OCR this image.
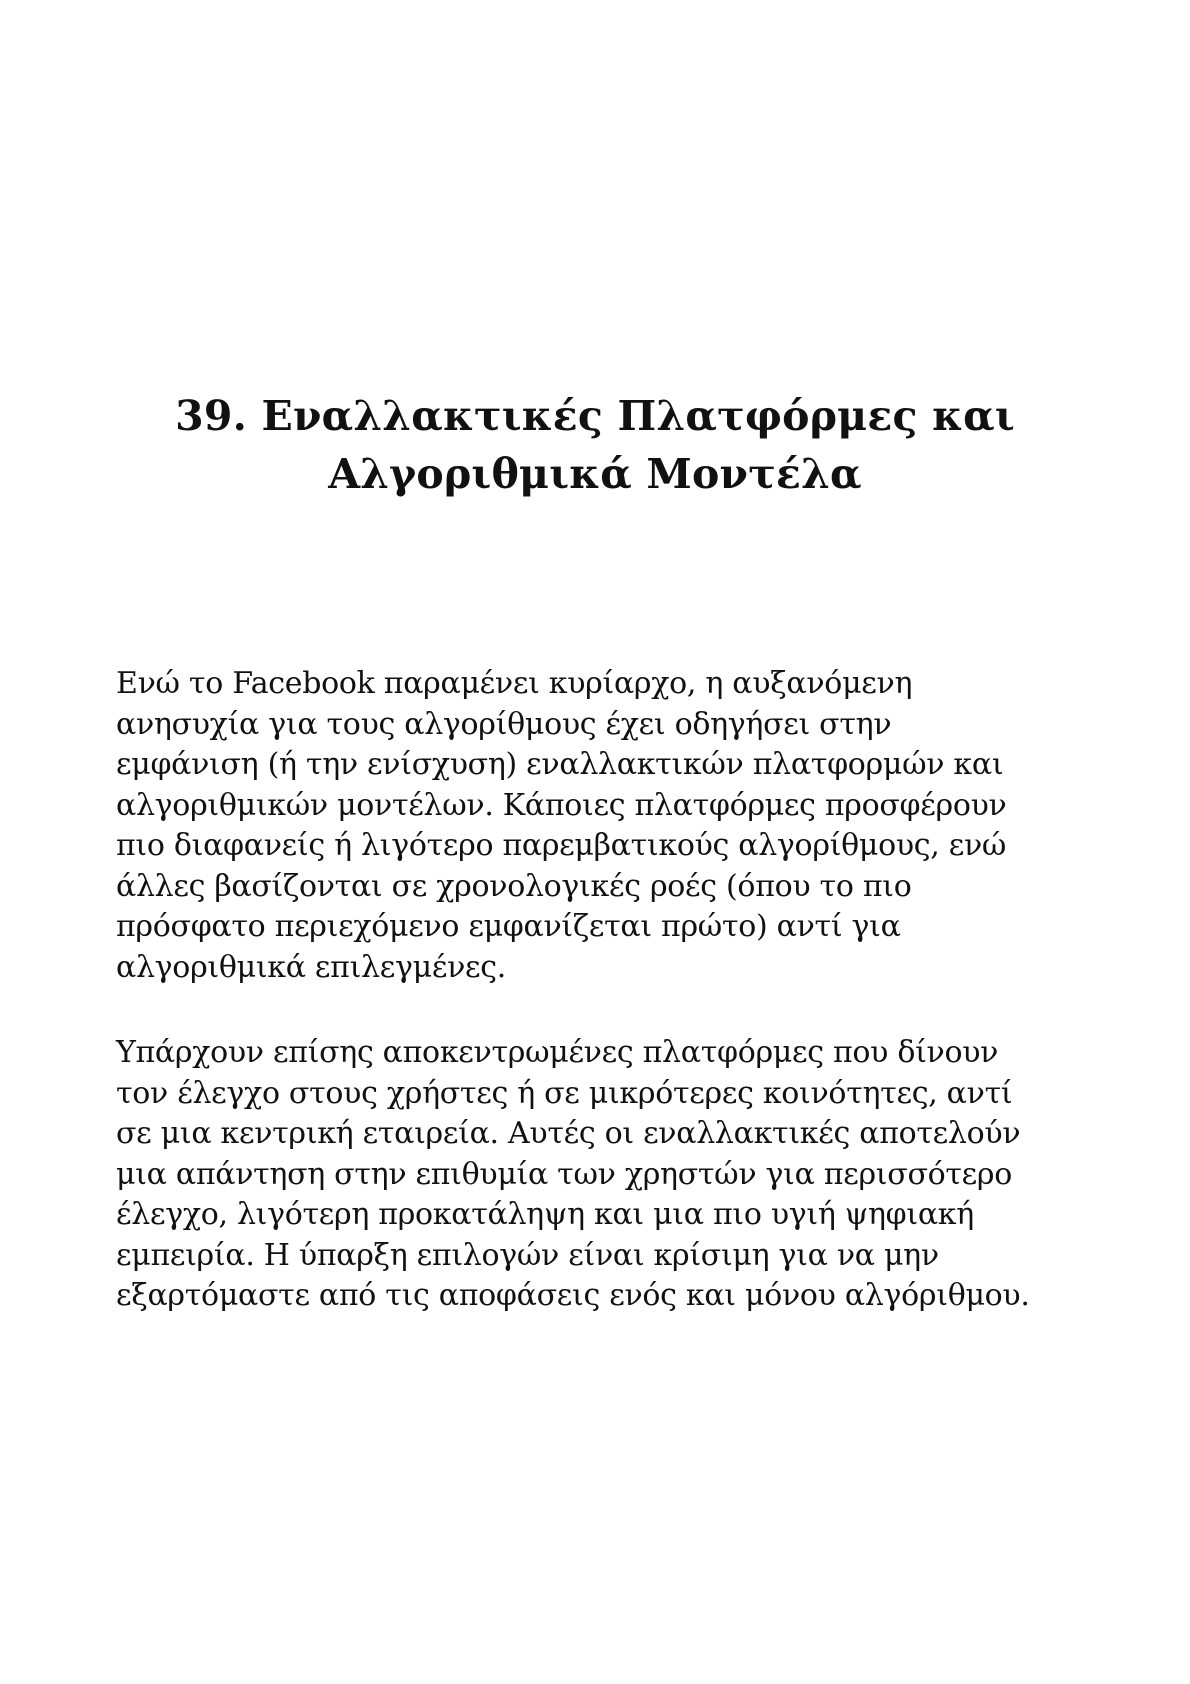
39. Εναλλακτικές Πλατφόρμες και
Αλγοριθμικά Μοντέλα

Ενώ το Facebook παραμένει κυρίαρχο, η αυξανόμενη
ανησυχία για τους αλγορίθμους έχει οδηγήσει στην
εμφάνιση (ή την ενίσχυση) εναλλακτικών πλατφορμών και
αλγοριθμικών μοντέλων. Κάποιες πλατφόρμες προσφέρουν
πιο διαφανείς ή λιγότερο παρεμβατικούς αλγορίθμους, ενώ
άλλες βασίζονται σε χρονολογικές ροές (όπου το πιο
πρόσφατο περιεχόμενο εμφανίζεται πρώτο) αντί για
αλγοριθμικά επιλεγμένες.

Υπάρχουν επίσης αποκεντρωμένες πλατφόρμες που δίνουν
τον έλεγχο στους χρήστες ή σε μικρότερες κοινότητες, αντί
σε μια κεντρική εταιρεία. Αυτές οι εναλλακτικές αποτελούν
μια απάντηση στην επιθυμία των χρηστών για περισσότερο
έλεγχο, λιγότερη προκατάληψη και μια πιο υγιή ψηφιακή
εμπειρία. Η ύπαρξη επιλογών είναι κρίσιμη για να μην
εξαρτόμαστε από τις αποφάσεις ενός και μόνου αλγόριθμου.
